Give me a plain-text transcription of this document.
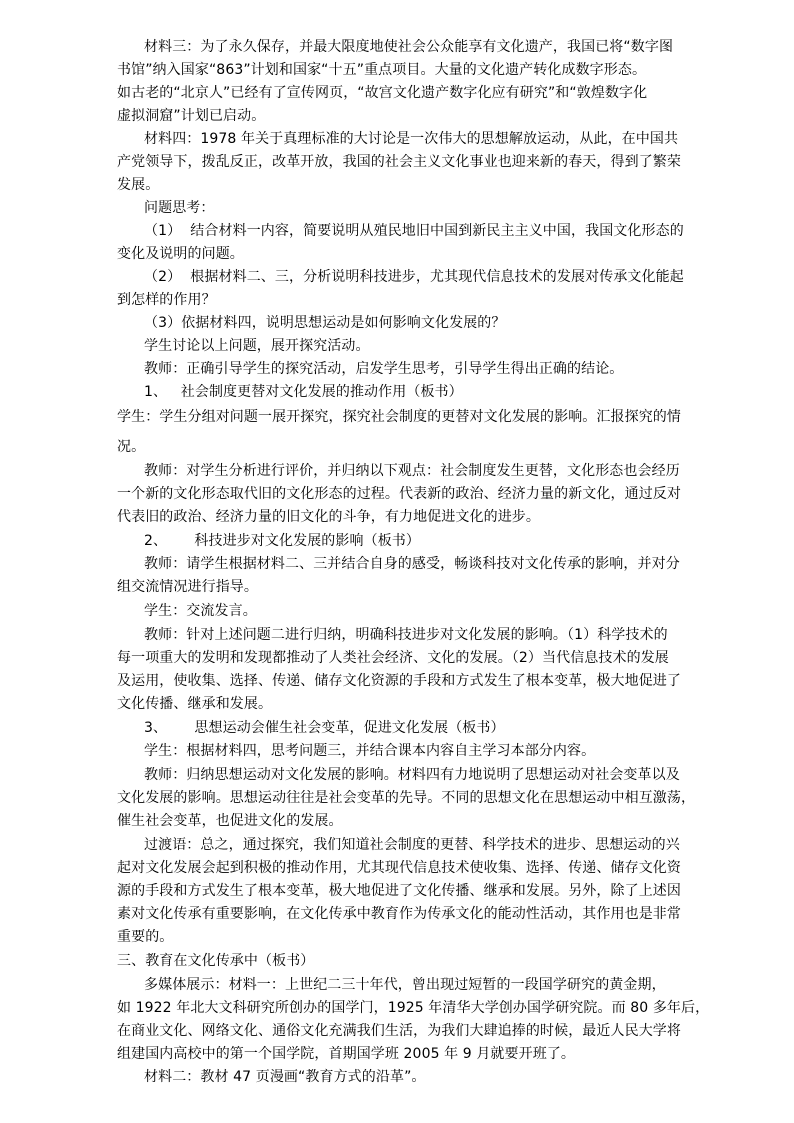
材料三：为了永久保存，并最大限度地使社会公众能享有文化遗产，我国已将“数字图
书馆”纳入国家“863”计划和国家“十五”重点项目。大量的文化遗产转化成数字形态。
如古老的“北京人”已经有了宣传网页，“故宫文化遗产数字化应有研究”和“敦煌数字化
虚拟洞窟”计划已启动。
材料四：1978 年关于真理标准的大讨论是一次伟大的思想解放运动，从此，在中国共
产党领导下，拨乱反正，改革开放，我国的社会主义文化事业也迎来新的春天，得到了繁荣
发展。
问题思考：
（1）  结合材料一内容，简要说明从殖民地旧中国到新民主主义中国，我国文化形态的
变化及说明的问题。
（2）  根据材料二、三，分析说明科技进步，尤其现代信息技术的发展对传承文化能起
到怎样的作用？
（3）依据材料四，说明思想运动是如何影响文化发展的？
学生讨论以上问题，展开探究活动。
教师：正确引导学生的探究活动，启发学生思考，引导学生得出正确的结论。
1、   社会制度更替对文化发展的推动作用（板书）
学生：学生分组对问题一展开探究，探究社会制度的更替对文化发展的影响。汇报探究的情
况。
教师：对学生分析进行评价，并归纳以下观点：社会制度发生更替，文化形态也会经历
一个新的文化形态取代旧的文化形态的过程。代表新的政治、经济力量的新文化，通过反对
代表旧的政治、经济力量的旧文化的斗争，有力地促进文化的进步。
2、      科技进步对文化发展的影响（板书）
教师：请学生根据材料二、三并结合自身的感受，畅谈科技对文化传承的影响，并对分
组交流情况进行指导。
学生：交流发言。
教师：针对上述问题二进行归纳，明确科技进步对文化发展的影响。（1）科学技术的
每一项重大的发明和发现都推动了人类社会经济、文化的发展。（2）当代信息技术的发展
及运用，使收集、选择、传递、储存文化资源的手段和方式发生了根本变革，极大地促进了
文化传播、继承和发展。
3、      思想运动会催生社会变革，促进文化发展（板书）
学生：根据材料四，思考问题三，并结合课本内容自主学习本部分内容。
教师：归纳思想运动对文化发展的影响。材料四有力地说明了思想运动对社会变革以及
文化发展的影响。思想运动往往是社会变革的先导。不同的思想文化在思想运动中相互激荡，
催生社会变革，也促进文化的发展。
过渡语：总之，通过探究，我们知道社会制度的更替、科学技术的进步、思想运动的兴
起对文化发展会起到积极的推动作用，尤其现代信息技术使收集、选择、传递、储存文化资
源的手段和方式发生了根本变革，极大地促进了文化传播、继承和发展。另外，除了上述因
素对文化传承有重要影响，在文化传承中教育作为传承文化的能动性活动，其作用也是非常
重要的。
三、教育在文化传承中（板书）
多媒体展示：材料一：上世纪二三十年代，曾出现过短暂的一段国学研究的黄金期，
如 1922 年北大文科研究所创办的国学门，1925 年清华大学创办国学研究院。而 80 多年后，
在商业文化、网络文化、通俗文化充满我们生活，为我们大肆追捧的时候，最近人民大学将
组建国内高校中的第一个国学院，首期国学班 2005 年 9 月就要开班了。
材料二：教材 47 页漫画“教育方式的沿革”。
